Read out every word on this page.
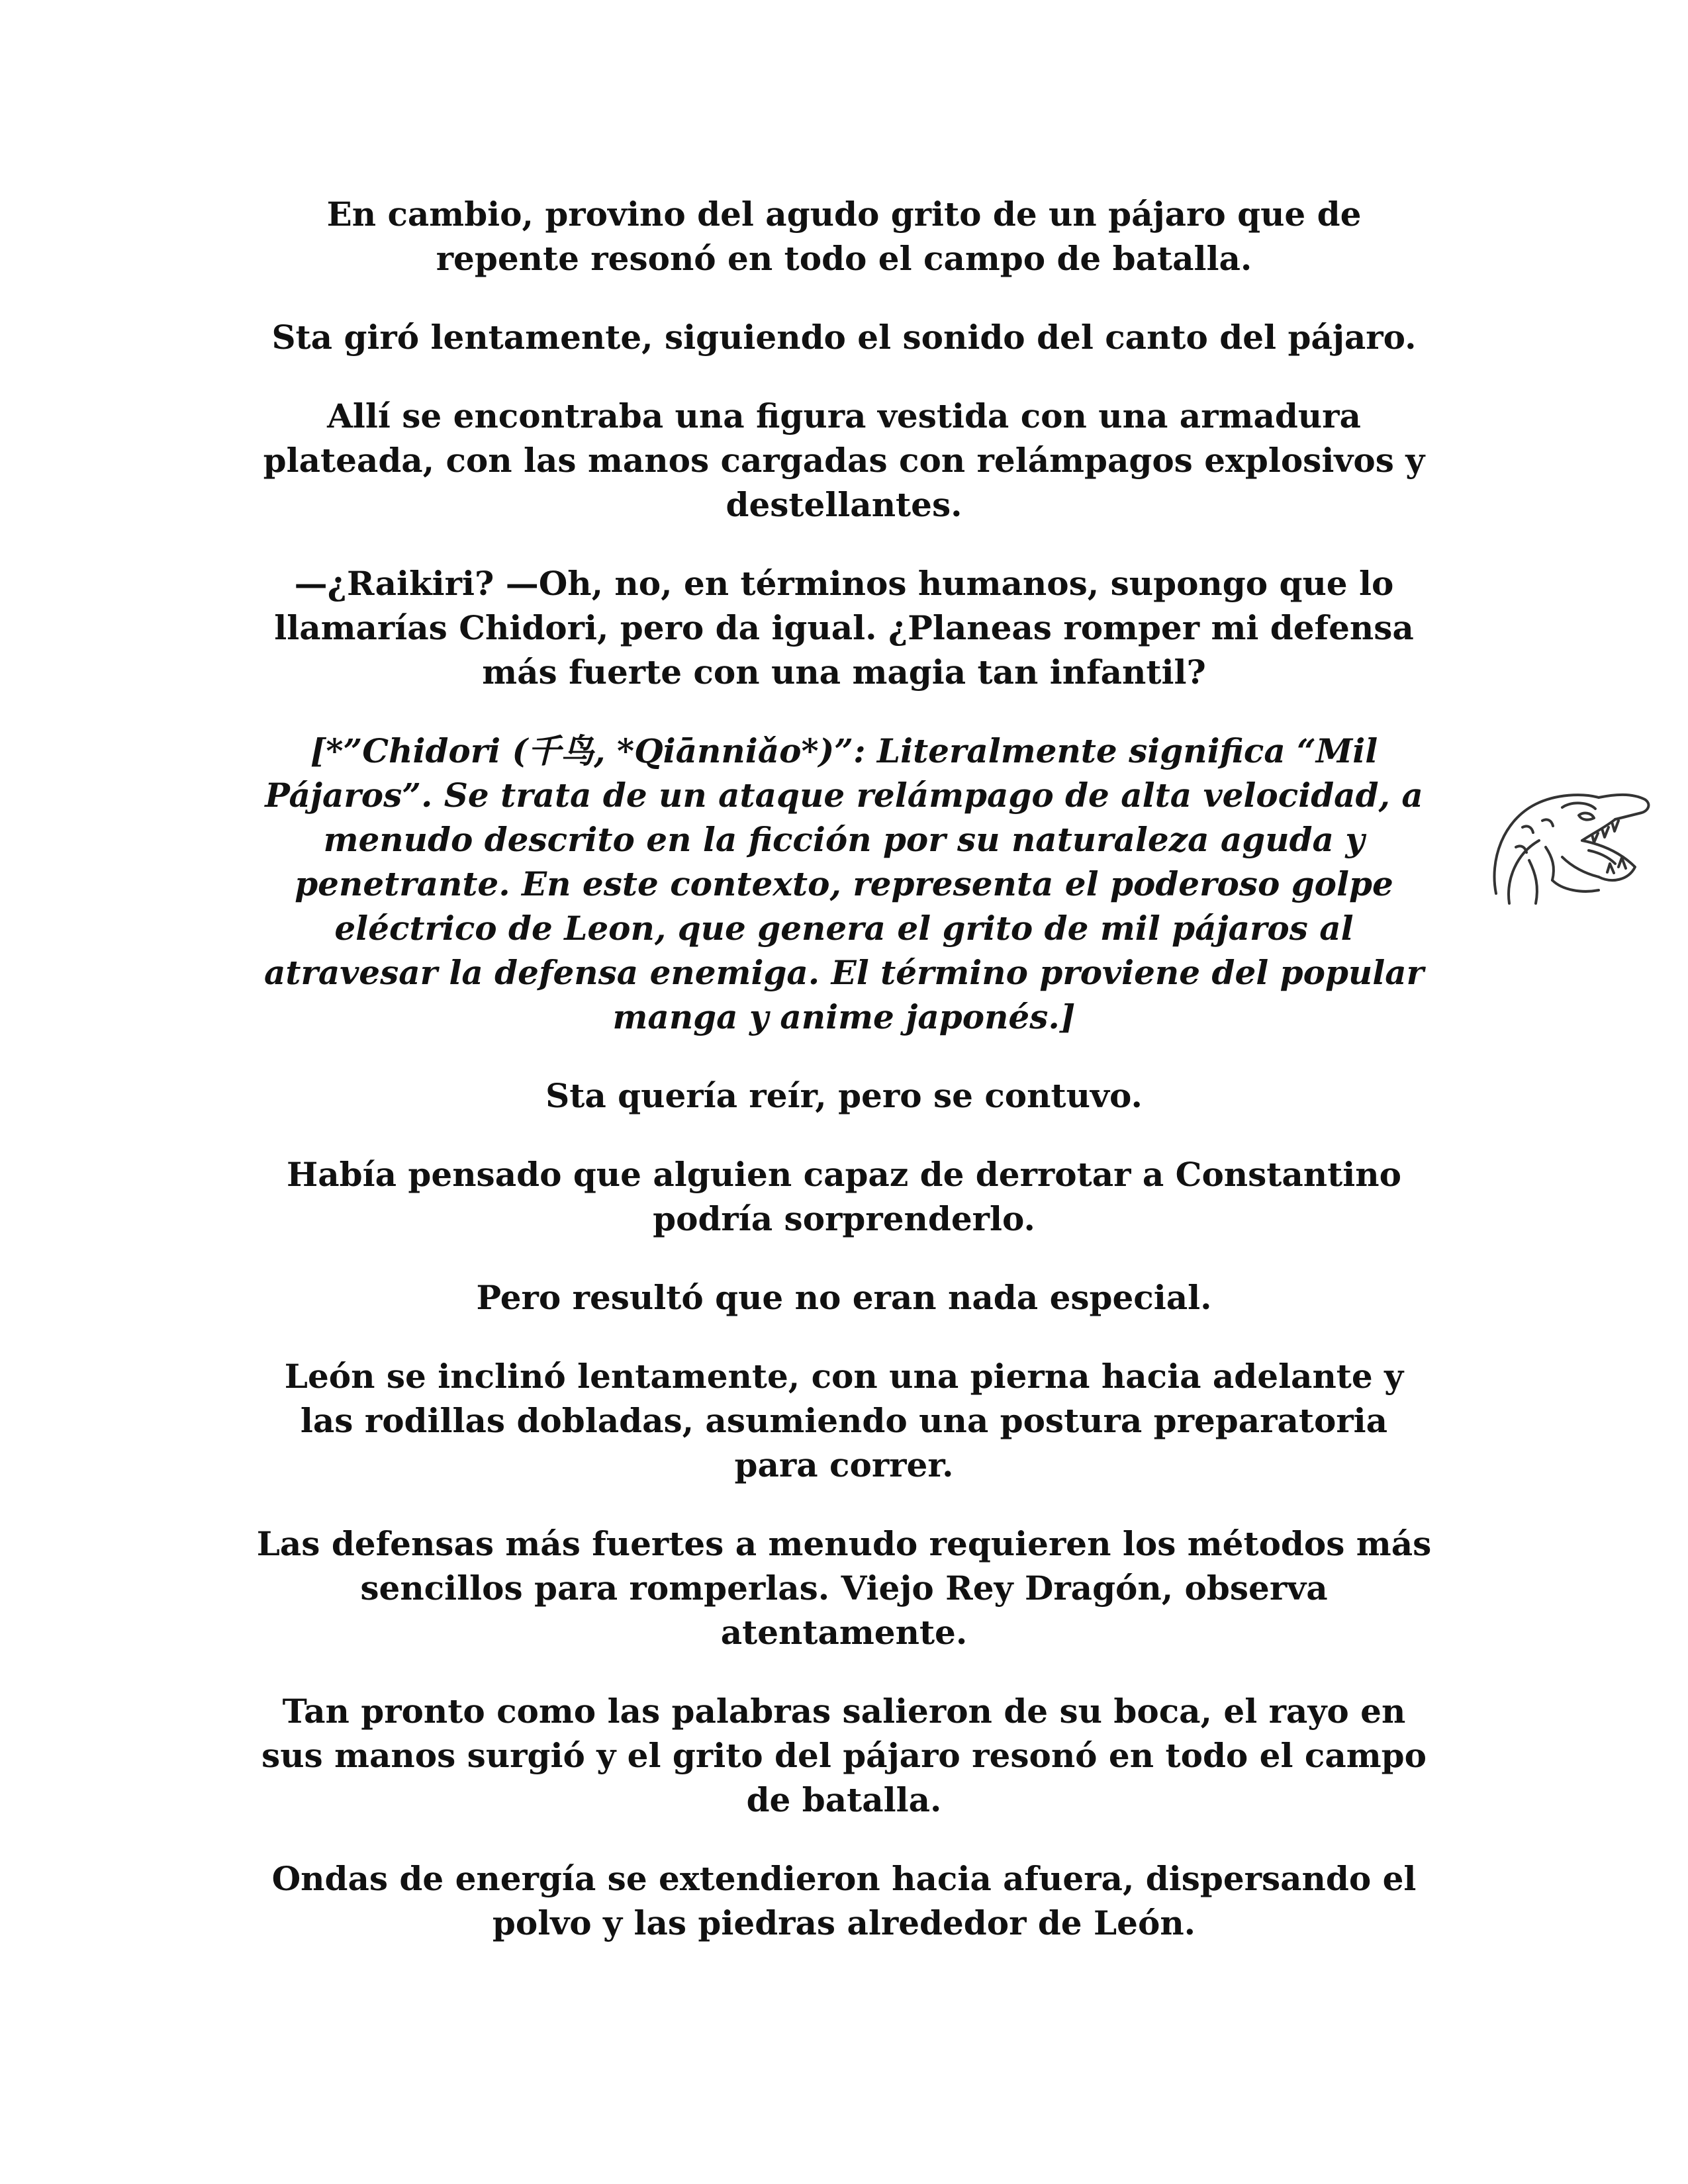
En cambio, provino del agudo grito de un pájaro que de
repente resonó en todo el campo de batalla.

Sta giró lentamente, siguiendo el sonido del canto del pájaro.

Allí se encontraba una figura vestida con una armadura
plateada, con las manos cargadas con relámpagos explosivos y
destellantes.

—¿Raikiri? —Oh, no, en términos humanos, supongo que lo
llamarías Chidori, pero da igual. ¿Planeas romper mi defensa
más fuerte con una magia tan infantil?

[*”Chidori (千鸟, *Qiānniǎo*)”: Literalmente significa “Mil
Pájaros”. Se trata de un ataque relámpago de alta velocidad, a
menudo descrito en la ficción por su naturaleza aguda y
penetrante. En este contexto, representa el poderoso golpe
eléctrico de Leon, que genera el grito de mil pájaros al
atravesar la defensa enemiga. El término proviene del popular
manga y anime japonés.]

Sta quería reír, pero se contuvo.

Había pensado que alguien capaz de derrotar a Constantino
podría sorprenderlo.

Pero resultó que no eran nada especial.

León se inclinó lentamente, con una pierna hacia adelante y
las rodillas dobladas, asumiendo una postura preparatoria
para correr.

Las defensas más fuertes a menudo requieren los métodos más
sencillos para romperlas. Viejo Rey Dragón, observa
atentamente.

Tan pronto como las palabras salieron de su boca, el rayo en
sus manos surgió y el grito del pájaro resonó en todo el campo
de batalla.

Ondas de energía se extendieron hacia afuera, dispersando el
polvo y las piedras alrededor de León.
